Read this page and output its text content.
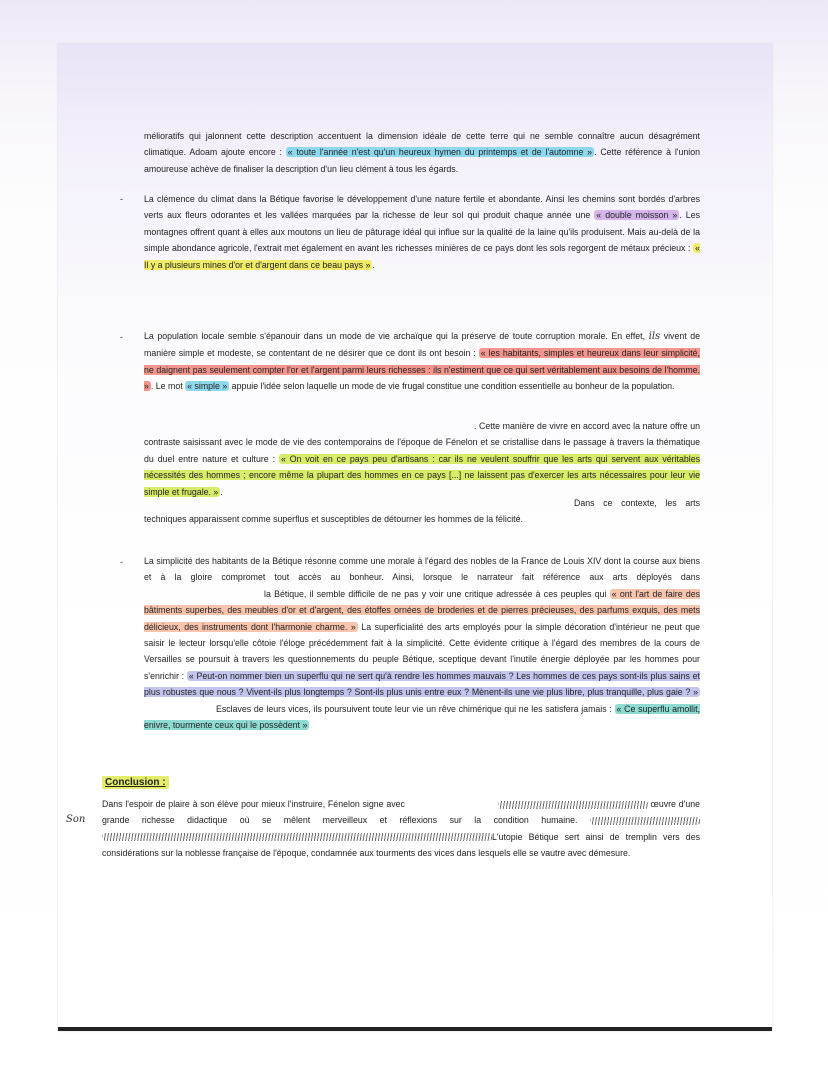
mélioratifs qui jalonnent cette description accentuent la dimension idéale de cette terre qui ne semble connaître aucun désagrément climatique. Adoam ajoute encore : « toute l'année n'est qu'un heureux hymen du printemps et de l'automne » . Cette référence à l'union amoureuse achève de finaliser la description d'un lieu clément à tous les égards.

- La clémence du climat dans la Bétique favorise le développement d'une nature fertile et abondante. Ainsi les chemins sont bordés d'arbres verts aux fleurs odorantes et les vallées marquées par la richesse de leur sol qui produit chaque année une « double moisson » . Les montagnes offrent quant à elles aux moutons un lieu de pâturage idéal qui influe sur la qualité de la laine qu'ils produisent. Mais au-delà de la simple abondance agricole, l'extrait met également en avant les richesses minières de ce pays dont les sols regorgent de métaux précieux : « Il y a plusieurs mines d'or et d'argent dans ce beau pays » .

- La population locale semble s'épanouir dans un mode de vie archaïque qui la préserve de toute corruption morale. En effet, ils vivent de manière simple et modeste, se contentant de ne désirer que ce dont ils ont besoin : « les habitants, simples et heureux dans leur simplicité, ne daignent pas seulement compter l'or et l'argent parmi leurs richesses : ils n'estiment que ce qui sert véritablement aux besoins de l'homme. » . Le mot « simple » appuie l'idée selon laquelle un mode de vie frugal constitue une condition essentielle au bonheur de la population.

. Cette manière de vivre en accord avec la nature offre un contraste saisissant avec le mode de vie des contemporains de l'époque de Fénelon et se cristallise dans le passage à travers la thématique du duel entre nature et culture : « On voit en ce pays peu d'artisans : car ils ne veulent souffrir que les arts qui servent aux véritables nécessités des hommes ; encore même la plupart des hommes en ce pays [...] ne laissent pas d'exercer les arts nécessaires pour leur vie simple et frugale. » .

Dans ce contexte, les arts techniques apparaissent comme superflus et susceptibles de détourner les hommes de la félicité.

- La simplicité des habitants de la Bétique résonne comme une morale à l'égard des nobles de la France de Louis XIV dont la course aux biens et à la gloire compromet tout accès au bonheur. Ainsi, lorsque le narrateur fait référence aux arts déployés dans la Bétique, il semble difficile de ne pas y voir une critique adressée à ces peuples qui « ont l'art de faire des bâtiments superbes, des meubles d'or et d'argent, des étoffes ornées de broderies et de pierres précieuses, des parfums exquis, des mets délicieux, des instruments dont l'harmonie charme. » La superficialité des arts employés pour la simple décoration d'intérieur ne peut que saisir le lecteur lorsqu'elle côtoie l'éloge précédemment fait à la simplicité. Cette évidente critique à l'égard des membres de la cours de Versailles se poursuit à travers les questionnements du peuple Bétique, sceptique devant l'inutile énergie déployée par les hommes pour s'enrichir : « Peut-on nommer bien un superflu qui ne sert qu'à rendre les hommes mauvais ? Les hommes de ces pays sont-ils plus sains et plus robustes que nous ? Vivent-ils plus longtemps ? Sont-ils plus unis entre eux ? Mènent-ils une vie plus libre, plus tranquille, plus gaie ? »Esclaves de leurs vices, ils poursuivent toute leur vie un rêve chimérique qui ne les satisfera jamais : « Ce superflu amollit, enivre, tourmente ceux qui le possèdent »

Conclusion :
Son

Dans l'espoir de plaire à son élève pour mieux l'instruire, Fénelon signe avec	œuvre d'une grande richesse didactique où se mêlent merveilleux et réflexions sur la condition humaine.  L'utopie Bétique sert ainsi de tremplin vers des considérations sur la noblesse française de l'époque, condamnée aux tourments des vices dans lesquels elle se vautre avec démesure.
